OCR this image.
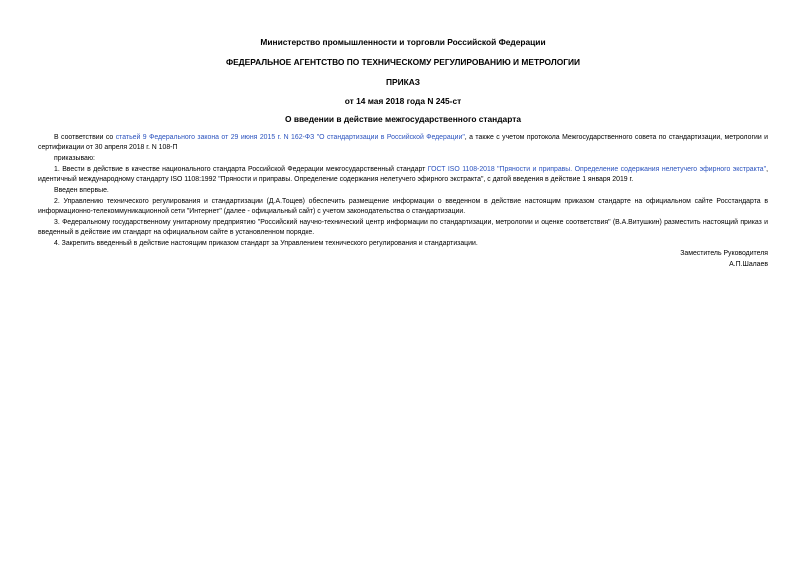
Министерство промышленности и торговли Российской Федерации
ФЕДЕРАЛЬНОЕ АГЕНТСТВО ПО ТЕХНИЧЕСКОМУ РЕГУЛИРОВАНИЮ И МЕТРОЛОГИИ
ПРИКАЗ
от 14 мая 2018 года N 245-ст
О введении в действие межгосударственного стандарта

В соответствии со статьей 9 Федерального закона от 29 июня 2015 г. N 162-ФЗ "О стандартизации в Российской Федерации", а также с учетом протокола Межгосударственного совета по стандартизации, метрологии и сертификации от 30 апреля 2018 г. N 108-П

приказываю:

1. Ввести в действие в качестве национального стандарта Российской Федерации межгосударственный стандарт ГОСТ ISO 1108-2018 "Пряности и приправы. Определение содержания нелетучего эфирного экстракта", идентичный международному стандарту ISO 1108:1992 "Пряности и приправы. Определение содержания нелетучего эфирного экстракта", с датой введения в действие 1 января 2019 г.

Введен впервые.

2. Управлению технического регулирования и стандартизации (Д.А.Тощев) обеспечить размещение информации о введенном в действие настоящим приказом стандарте на официальном сайте Росстандарта в информационно-телекоммуникационной сети "Интернет" (далее - официальный сайт) с учетом законодательства о стандартизации.

3. Федеральному государственному унитарному предприятию "Российский научно-технический центр информации по стандартизации, метрологии и оценке соответствия" (В.А.Витушкин) разместить настоящий приказ и введенный в действие им стандарт на официальном сайте в установленном порядке.

4. Закрепить введенный в действие настоящим приказом стандарт за Управлением технического регулирования и стандартизации.

Заместитель Руководителя
А.П.Шалаев
